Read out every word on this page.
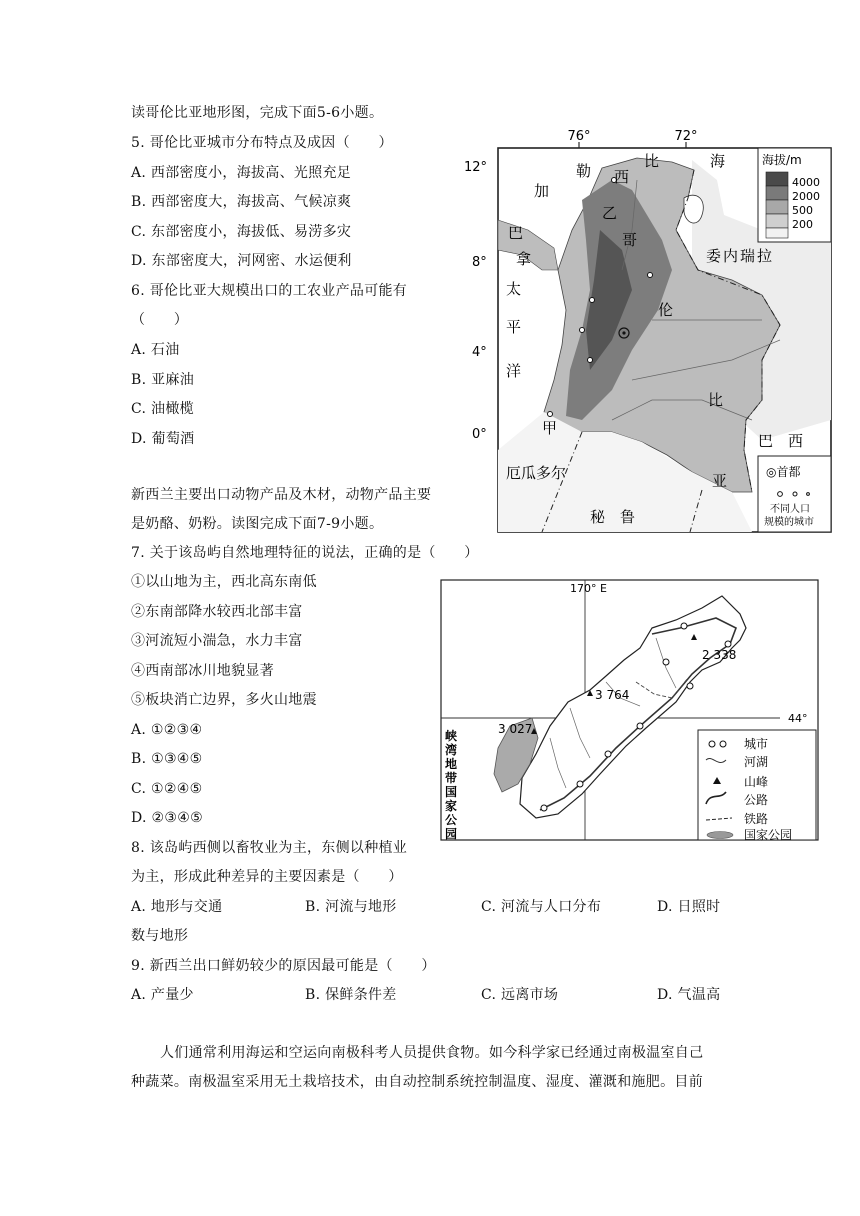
读哥伦比亚地形图，完成下面5-6小题。
5. 哥伦比亚城市分布特点及成因（　　）
A. 西部密度小，海拔高、光照充足
B. 西部密度大，海拔高、气候凉爽
C. 东部密度小，海拔低、易涝多灾
D. 东部密度大，河网密、水运便利
6. 哥伦比亚大规模出口的工农业产品可能有
（　　）
A. 石油
B. 亚麻油
C. 油橄榄
D. 葡萄酒
新西兰主要出口动物产品及木材，动物产品主要
是奶酪、奶粉。读图完成下面7-9小题。
7. 关于该岛屿自然地理特征的说法，正确的是（　　）
①以山地为主，西北高东南低
②东南部降水较西北部丰富
③河流短小湍急，水力丰富
④西南部冰川地貌显著
⑤板块消亡边界，多火山地震
A. ①②③④
B. ①③④⑤
C. ①②④⑤
D. ②③④⑤
8. 该岛屿西侧以畜牧业为主，东侧以种植业
为主，形成此种差异的主要因素是（　　）
A. 地形与交通	B. 河流与地形	C. 河流与人口分布	D. 日照时
数与地形
9. 新西兰出口鲜奶较少的原因最可能是（　　）
A. 产量少	B. 保鲜条件差	C. 远离市场	D. 气温高
人们通常利用海运和空运向南极科考人员提供食物。如今科学家已经通过南极温室自己
种蔬菜。南极温室采用无土栽培技术，由自动控制系统控制温度、湿度、灌溉和施肥。目前
76°	72°
12°
8°
4°
0°
加
勒
比	海
西
乙
哥
伦
比
亚
甲
巴
拿
太
平
洋
委内瑞拉
巴　西
厄瓜多尔
秘　鲁
海拔/m
4000
2000
500
200
◎首都
不同人口
规模的城市
170° E
44°
2 338
3 764
3 027
峡
湾
地
带
国
家
公
园
城市
河湖
山峰
公路
铁路
国家公园
